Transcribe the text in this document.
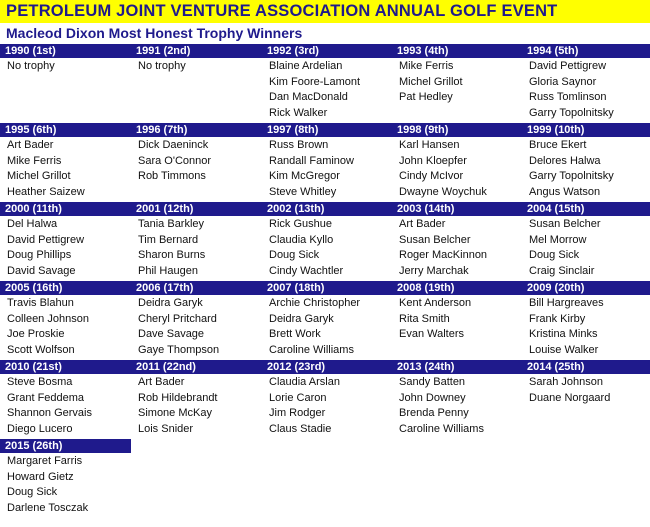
PETROLEUM JOINT VENTURE ASSOCIATION ANNUAL GOLF EVENT
Macleod Dixon Most Honest Trophy Winners
1990 (1st)
No trophy
1991 (2nd)
No trophy
1992 (3rd)
Blaine Ardelian
Kim Foore-Lamont
Dan MacDonald
Rick Walker
1993 (4th)
Mike Ferris
Michel Grillot
Pat Hedley
1994 (5th)
David Pettigrew
Gloria Saynor
Russ Tomlinson
Garry Topolnitsky
1995 (6th)
Art Bader
Mike Ferris
Michel Grillot
Heather Saizew
1996 (7th)
Dick Daeninck
Sara O'Connor
Rob Timmons
1997 (8th)
Russ Brown
Randall Faminow
Kim McGregor
Steve Whitley
1998 (9th)
Karl Hansen
John Kloepfer
Cindy McIvor
Dwayne Woychuk
1999 (10th)
Bruce Ekert
Delores Halwa
Garry Topolnitsky
Angus Watson
2000 (11th)
Del Halwa
David Pettigrew
Doug Phillips
David Savage
2001 (12th)
Tania Barkley
Tim Bernard
Sharon Burns
Phil Haugen
2002 (13th)
Rick Gushue
Claudia Kyllo
Doug Sick
Cindy Wachtler
2003 (14th)
Art Bader
Susan Belcher
Roger MacKinnon
Jerry Marchak
2004 (15th)
Susan Belcher
Mel Morrow
Doug Sick
Craig Sinclair
2005 (16th)
Travis Blahun
Colleen Johnson
Joe Proskie
Scott Wolfson
2006 (17th)
Deidra Garyk
Cheryl Pritchard
Dave Savage
Gaye Thompson
2007 (18th)
Archie Christopher
Deidra Garyk
Brett Work
Caroline Williams
2008 (19th)
Kent Anderson
Rita Smith
Evan Walters
2009 (20th)
Bill Hargreaves
Frank Kirby
Kristina Minks
Louise Walker
2010 (21st)
Steve Bosma
Grant Feddema
Shannon Gervais
Diego Lucero
2011 (22nd)
Art Bader
Rob Hildebrandt
Simone McKay
Lois Snider
2012 (23rd)
Claudia Arslan
Lorie Caron
Jim Rodger
Claus Stadie
2013 (24th)
Sandy Batten
John Downey
Brenda Penny
Caroline Williams
2014 (25th)
Sarah Johnson
Duane Norgaard
2015 (26th)
Margaret Farris
Howard Gietz
Doug Sick
Darlene Tosczak
